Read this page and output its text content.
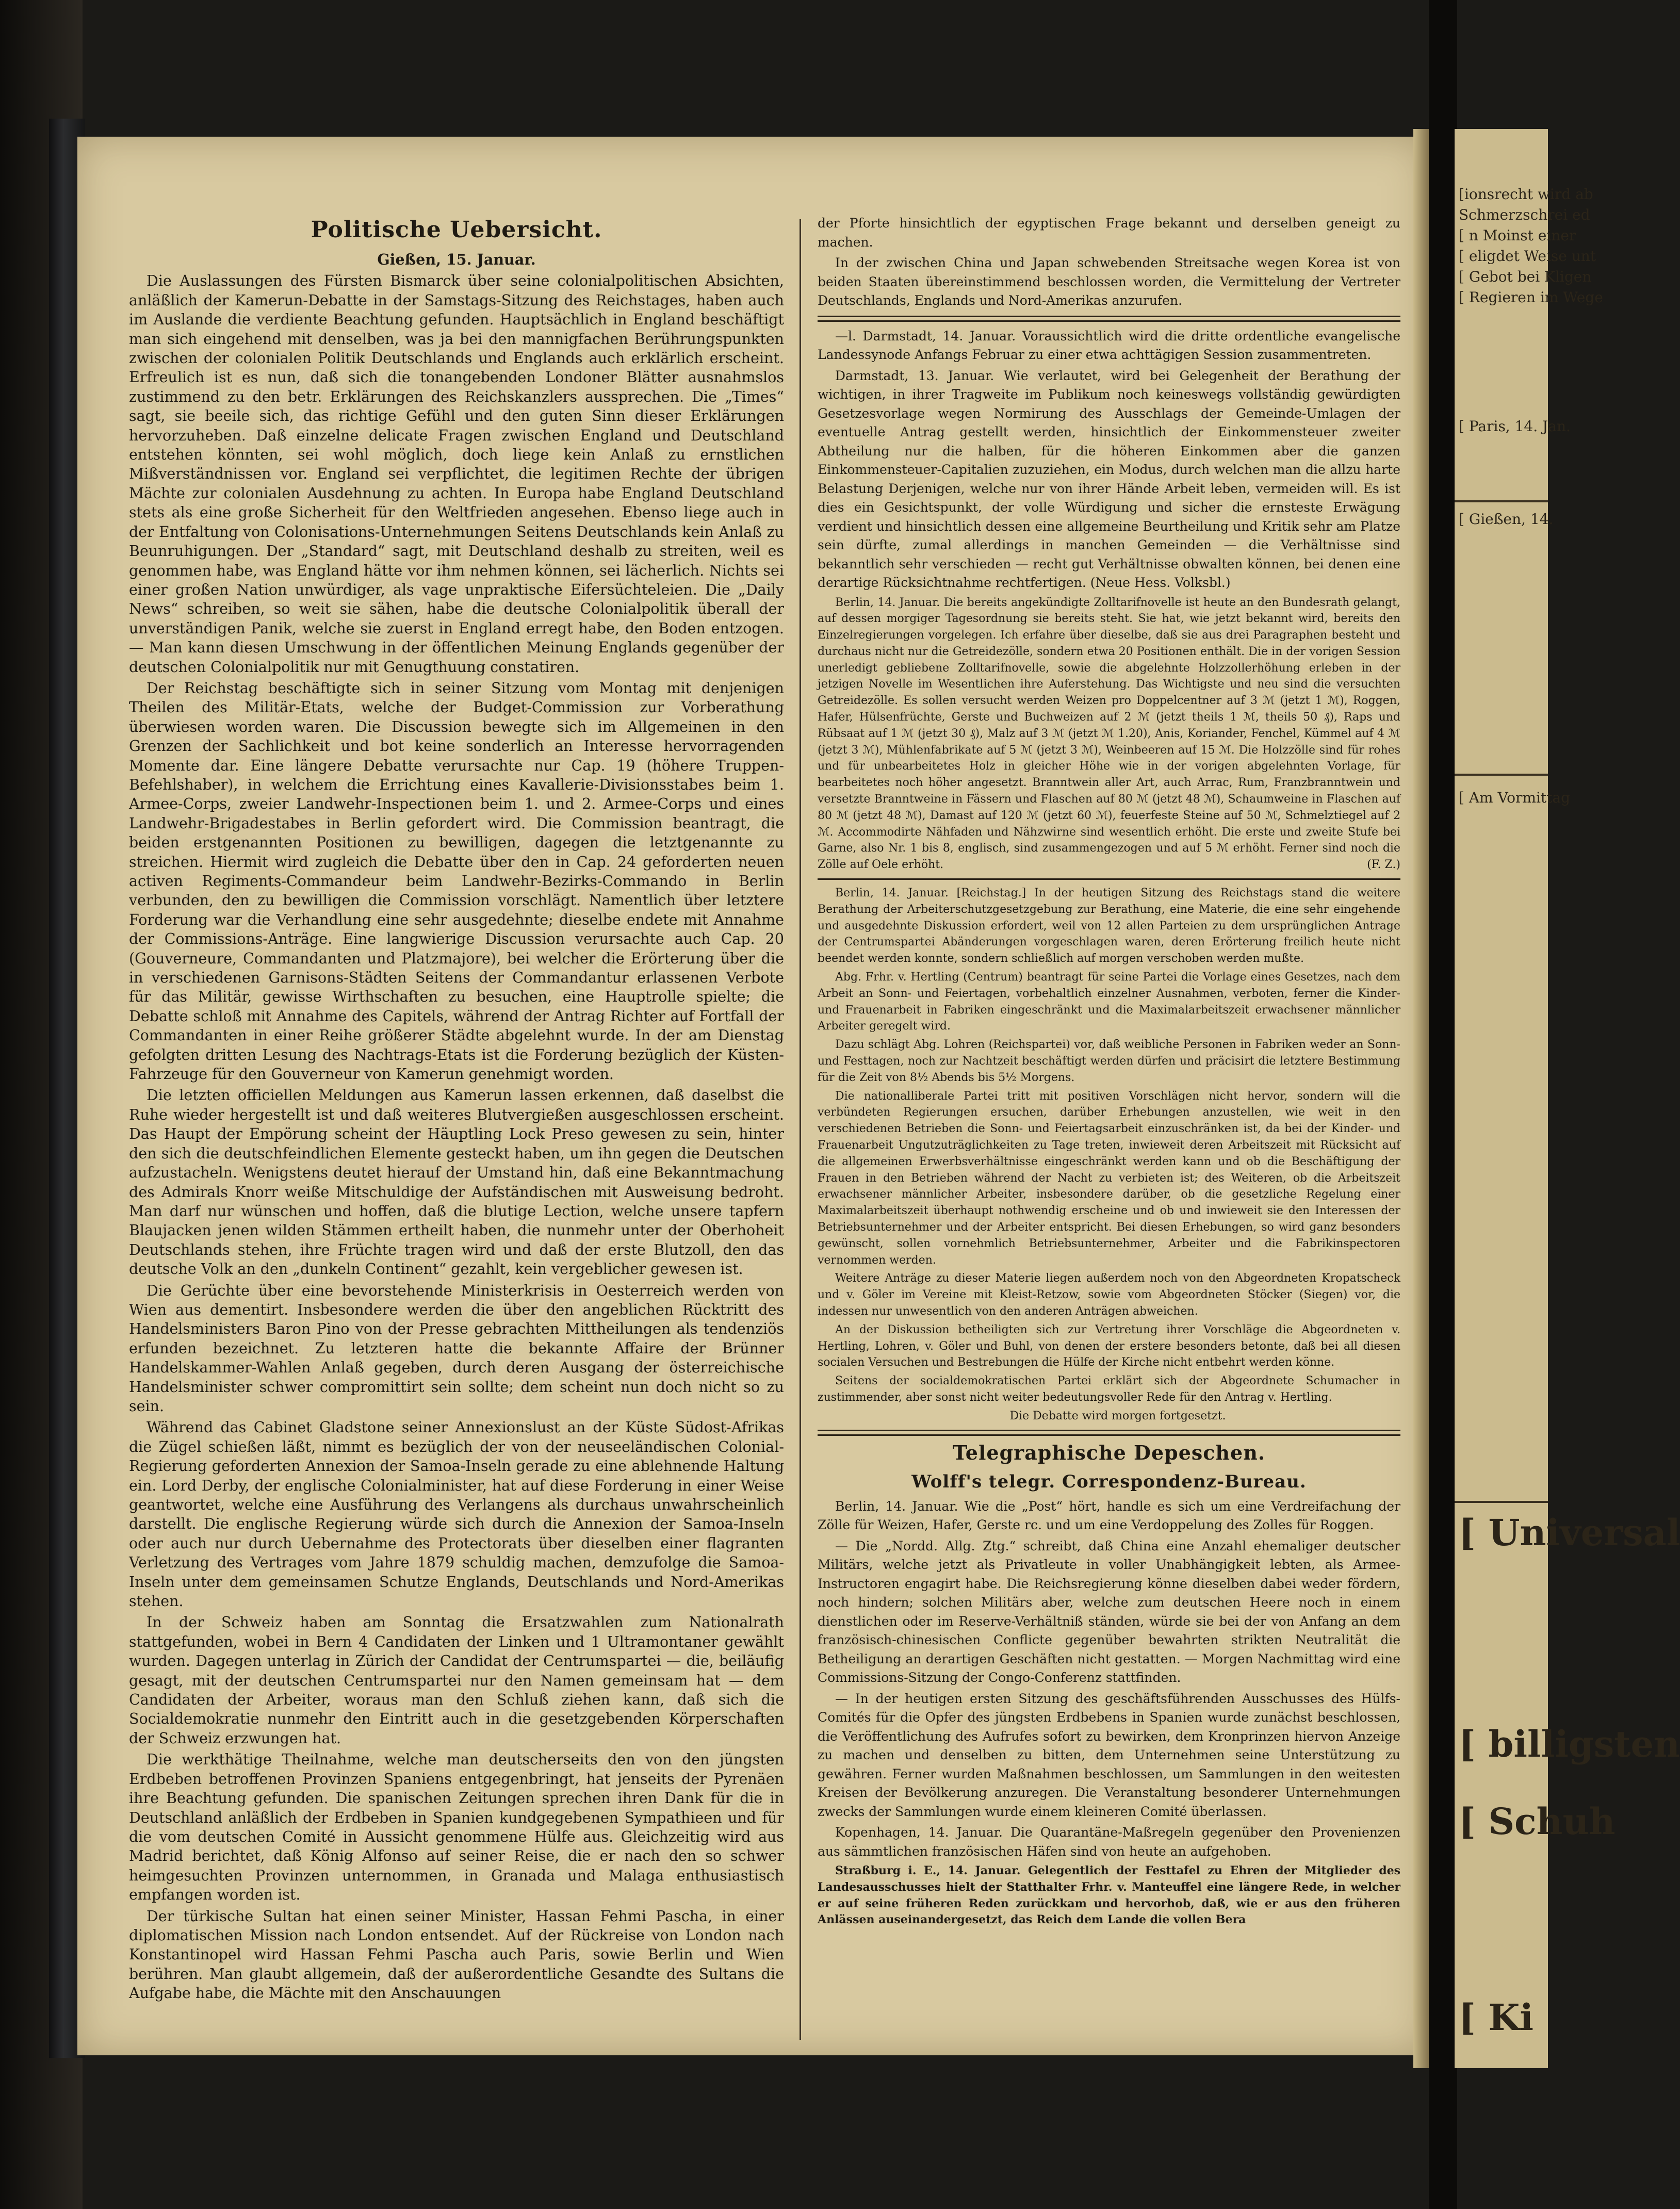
[ionsrecht wird ab
Schmerzschrei ed
[ n Moinst einer
[ eligdet Weise unt
[ Gebot bei Kligen
[ Regieren im Wege
[ Paris, 14. Jan.
[ Gießen, 14.
[ Am Vormittag
[ Universal
[ billigsten
[ Schuh
[ Ki
Politische Uebersicht.

Gießen, 15. Januar.

Die Auslassungen des Fürsten Bismarck über seine colonialpolitischen Absichten, anläßlich der Kamerun-Debatte in der Samstags-Sitzung des Reichstages, haben auch im Auslande die verdiente Beachtung gefunden. Hauptsächlich in England beschäftigt man sich eingehend mit denselben, was ja bei den mannigfachen Berührungspunkten zwischen der colonialen Politik Deutschlands und Englands auch erklärlich erscheint. Erfreulich ist es nun, daß sich die tonangebenden Londoner Blätter ausnahmslos zustimmend zu den betr. Erklärungen des Reichskanzlers aussprechen. Die „Times“ sagt, sie beeile sich, das richtige Gefühl und den guten Sinn dieser Erklärungen hervorzuheben. Daß einzelne delicate Fragen zwischen England und Deutschland entstehen könnten, sei wohl möglich, doch liege kein Anlaß zu ernstlichen Mißverständnissen vor. England sei verpflichtet, die legitimen Rechte der übrigen Mächte zur colonialen Ausdehnung zu achten. In Europa habe England Deutschland stets als eine große Sicherheit für den Weltfrieden angesehen. Ebenso liege auch in der Entfaltung von Colonisations-Unternehmungen Seitens Deutschlands kein Anlaß zu Beunruhigungen. Der „Standard“ sagt, mit Deutschland deshalb zu streiten, weil es genommen habe, was England hätte vor ihm nehmen können, sei lächerlich. Nichts sei einer großen Nation unwürdiger, als vage unpraktische Eifersüchteleien. Die „Daily News“ schreiben, so weit sie sähen, habe die deutsche Colonialpolitik überall der unverständigen Panik, welche sie zuerst in England erregt habe, den Boden entzogen. — Man kann diesen Umschwung in der öffentlichen Meinung Englands gegenüber der deutschen Colonialpolitik nur mit Genugthuung constatiren.

Der Reichstag beschäftigte sich in seiner Sitzung vom Montag mit denjenigen Theilen des Militär-Etats, welche der Budget-Commission zur Vorberathung überwiesen worden waren. Die Discussion bewegte sich im Allgemeinen in den Grenzen der Sachlichkeit und bot keine sonderlich an Interesse hervorragenden Momente dar. Eine längere Debatte verursachte nur Cap. 19 (höhere Truppen-Befehlshaber), in welchem die Errichtung eines Kavallerie-Divisionsstabes beim 1. Armee-Corps, zweier Landwehr-Inspectionen beim 1. und 2. Armee-Corps und eines Landwehr-Brigadestabes in Berlin gefordert wird. Die Commission beantragt, die beiden erstgenannten Positionen zu bewilligen, dagegen die letztgenannte zu streichen. Hiermit wird zugleich die Debatte über den in Cap. 24 geforderten neuen activen Regiments-Commandeur beim Landwehr-Bezirks-Commando in Berlin verbunden, den zu bewilligen die Commission vorschlägt. Namentlich über letztere Forderung war die Verhandlung eine sehr ausgedehnte; dieselbe endete mit Annahme der Commissions-Anträge. Eine langwierige Discussion verursachte auch Cap. 20 (Gouverneure, Commandanten und Platzmajore), bei welcher die Erörterung über die in verschiedenen Garnisons-Städten Seitens der Commandantur erlassenen Verbote für das Militär, gewisse Wirthschaften zu besuchen, eine Hauptrolle spielte; die Debatte schloß mit Annahme des Capitels, während der Antrag Richter auf Fortfall der Commandanten in einer Reihe größerer Städte abgelehnt wurde. In der am Dienstag gefolgten dritten Lesung des Nachtrags-Etats ist die Forderung bezüglich der Küsten-Fahrzeuge für den Gouverneur von Kamerun genehmigt worden.

Die letzten officiellen Meldungen aus Kamerun lassen erkennen, daß daselbst die Ruhe wieder hergestellt ist und daß weiteres Blutvergießen ausgeschlossen erscheint. Das Haupt der Empörung scheint der Häuptling Lock Preso gewesen zu sein, hinter den sich die deutschfeindlichen Elemente gesteckt haben, um ihn gegen die Deutschen aufzustacheln. Wenigstens deutet hierauf der Umstand hin, daß eine Bekanntmachung des Admirals Knorr weiße Mitschuldige der Aufständischen mit Ausweisung bedroht. Man darf nur wünschen und hoffen, daß die blutige Lection, welche unsere tapfern Blaujacken jenen wilden Stämmen ertheilt haben, die nunmehr unter der Oberhoheit Deutschlands stehen, ihre Früchte tragen wird und daß der erste Blutzoll, den das deutsche Volk an den „dunkeln Continent“ gezahlt, kein vergeblicher gewesen ist.

Die Gerüchte über eine bevorstehende Ministerkrisis in Oesterreich werden von Wien aus dementirt. Insbesondere werden die über den angeblichen Rücktritt des Handelsministers Baron Pino von der Presse gebrachten Mittheilungen als tendenziös erfunden bezeichnet. Zu letzteren hatte die bekannte Affaire der Brünner Handelskammer-Wahlen Anlaß gegeben, durch deren Ausgang der österreichische Handelsminister schwer compromittirt sein sollte; dem scheint nun doch nicht so zu sein.

Während das Cabinet Gladstone seiner Annexionslust an der Küste Südost-Afrikas die Zügel schießen läßt, nimmt es bezüglich der von der neuseeländischen Colonial-Regierung geforderten Annexion der Samoa-Inseln gerade zu eine ablehnende Haltung ein. Lord Derby, der englische Colonialminister, hat auf diese Forderung in einer Weise geantwortet, welche eine Ausführung des Verlangens als durchaus unwahrscheinlich darstellt. Die englische Regierung würde sich durch die Annexion der Samoa-Inseln oder auch nur durch Uebernahme des Protectorats über dieselben einer flagranten Verletzung des Vertrages vom Jahre 1879 schuldig machen, demzufolge die Samoa-Inseln unter dem gemeinsamen Schutze Englands, Deutschlands und Nord-Amerikas stehen.

In der Schweiz haben am Sonntag die Ersatzwahlen zum Nationalrath stattgefunden, wobei in Bern 4 Candidaten der Linken und 1 Ultramontaner gewählt wurden. Dagegen unterlag in Zürich der Candidat der Centrumspartei — die, beiläufig gesagt, mit der deutschen Centrumspartei nur den Namen gemeinsam hat — dem Candidaten der Arbeiter, woraus man den Schluß ziehen kann, daß sich die Socialdemokratie nunmehr den Eintritt auch in die gesetzgebenden Körperschaften der Schweiz erzwungen hat.

Die werkthätige Theilnahme, welche man deutscherseits den von den jüngsten Erdbeben betroffenen Provinzen Spaniens entgegenbringt, hat jenseits der Pyrenäen ihre Beachtung gefunden. Die spanischen Zeitungen sprechen ihren Dank für die in Deutschland anläßlich der Erdbeben in Spanien kundgegebenen Sympathieen und für die vom deutschen Comité in Aussicht genommene Hülfe aus. Gleichzeitig wird aus Madrid berichtet, daß König Alfonso auf seiner Reise, die er nach den so schwer heimgesuchten Provinzen unternommen, in Granada und Malaga enthusiastisch empfangen worden ist.

Der türkische Sultan hat einen seiner Minister, Hassan Fehmi Pascha, in einer diplomatischen Mission nach London entsendet. Auf der Rückreise von London nach Konstantinopel wird Hassan Fehmi Pascha auch Paris, sowie Berlin und Wien berühren. Man glaubt allgemein, daß der außerordentliche Gesandte des Sultans die Aufgabe habe, die Mächte mit den Anschauungen

der Pforte hinsichtlich der egyptischen Frage bekannt und derselben geneigt zu machen.

In der zwischen China und Japan schwebenden Streitsache wegen Korea ist von beiden Staaten übereinstimmend beschlossen worden, die Vermittelung der Vertreter Deutschlands, Englands und Nord-Amerikas anzurufen.

—l. Darmstadt, 14. Januar. Voraussichtlich wird die dritte ordentliche evangelische Landessynode Anfangs Februar zu einer etwa achttägigen Session zusammentreten.

Darmstadt, 13. Januar. Wie verlautet, wird bei Gelegenheit der Berathung der wichtigen, in ihrer Tragweite im Publikum noch keineswegs vollständig gewürdigten Gesetzesvorlage wegen Normirung des Ausschlags der Gemeinde-Umlagen der eventuelle Antrag gestellt werden, hinsichtlich der Einkommensteuer zweiter Abtheilung nur die halben, für die höheren Einkommen aber die ganzen Einkommensteuer-Capitalien zuzuziehen, ein Modus, durch welchen man die allzu harte Belastung Derjenigen, welche nur von ihrer Hände Arbeit leben, vermeiden will. Es ist dies ein Gesichtspunkt, der volle Würdigung und sicher die ernsteste Erwägung verdient und hinsichtlich dessen eine allgemeine Beurtheilung und Kritik sehr am Platze sein dürfte, zumal allerdings in manchen Gemeinden — die Verhältnisse sind bekanntlich sehr verschieden — recht gut Verhältnisse obwalten können, bei denen eine derartige Rücksichtnahme rechtfertigen. (Neue Hess. Volksbl.)

Berlin, 14. Januar. Die bereits angekündigte Zolltarifnovelle ist heute an den Bundesrath gelangt, auf dessen morgiger Tagesordnung sie bereits steht. Sie hat, wie jetzt bekannt wird, bereits den Einzelregierungen vorgelegen. Ich erfahre über dieselbe, daß sie aus drei Paragraphen besteht und durchaus nicht nur die Getreidezölle, sondern etwa 20 Positionen enthält. Die in der vorigen Session unerledigt gebliebene Zolltarifnovelle, sowie die abgelehnte Holzzollerhöhung erleben in der jetzigen Novelle im Wesentlichen ihre Auferstehung. Das Wichtigste und neu sind die versuchten Getreidezölle. Es sollen versucht werden Weizen pro Doppelcentner auf 3 ℳ (jetzt 1 ℳ), Roggen, Hafer, Hülsenfrüchte, Gerste und Buchweizen auf 2 ℳ (jetzt theils 1 ℳ, theils 50 ₰), Raps und Rübsaat auf 1 ℳ (jetzt 30 ₰), Malz auf 3 ℳ (jetzt ℳ 1.20), Anis, Koriander, Fenchel, Kümmel auf 4 ℳ (jetzt 3 ℳ), Mühlenfabrikate auf 5 ℳ (jetzt 3 ℳ), Weinbeeren auf 15 ℳ. Die Holzzölle sind für rohes und für unbearbeitetes Holz in gleicher Höhe wie in der vorigen abgelehnten Vorlage, für bearbeitetes noch höher angesetzt. Branntwein aller Art, auch Arrac, Rum, Franzbranntwein und versetzte Branntweine in Fässern und Flaschen auf 80 ℳ (jetzt 48 ℳ), Schaumweine in Flaschen auf 80 ℳ (jetzt 48 ℳ), Damast auf 120 ℳ (jetzt 60 ℳ), feuerfeste Steine auf 50 ℳ, Schmelztiegel auf 2 ℳ. Accommodirte Nähfaden und Nähzwirne sind wesentlich erhöht. Die erste und zweite Stufe bei Garne, also Nr. 1 bis 8, englisch, sind zusammengezogen und auf 5 ℳ erhöht. Ferner sind noch die Zölle auf Oele erhöht.	(F. Z.)

Berlin, 14. Januar. [Reichstag.] In der heutigen Sitzung des Reichstags stand die weitere Berathung der Arbeiterschutzgesetzgebung zur Berathung, eine Materie, die eine sehr eingehende und ausgedehnte Diskussion erfordert, weil von 12 allen Parteien zu dem ursprünglichen Antrage der Centrumspartei Abänderungen vorgeschlagen waren, deren Erörterung freilich heute nicht beendet werden konnte, sondern schließlich auf morgen verschoben werden mußte.

Abg. Frhr. v. Hertling (Centrum) beantragt für seine Partei die Vorlage eines Gesetzes, nach dem Arbeit an Sonn- und Feiertagen, vorbehaltlich einzelner Ausnahmen, verboten, ferner die Kinder- und Frauenarbeit in Fabriken eingeschränkt und die Maximalarbeitszeit erwachsener männlicher Arbeiter geregelt wird.

Dazu schlägt Abg. Lohren (Reichspartei) vor, daß weibliche Personen in Fabriken weder an Sonn- und Festtagen, noch zur Nachtzeit beschäftigt werden dürfen und präcisirt die letztere Bestimmung für die Zeit von 8½ Abends bis 5½ Morgens.

Die nationalliberale Partei tritt mit positiven Vorschlägen nicht hervor, sondern will die verbündeten Regierungen ersuchen, darüber Erhebungen anzustellen, wie weit in den verschiedenen Betrieben die Sonn- und Feiertagsarbeit einzuschränken ist, da bei der Kinder- und Frauenarbeit Ungutzuträglichkeiten zu Tage treten, inwieweit deren Arbeitszeit mit Rücksicht auf die allgemeinen Erwerbsverhältnisse eingeschränkt werden kann und ob die Beschäftigung der Frauen in den Betrieben während der Nacht zu verbieten ist; des Weiteren, ob die Arbeitszeit erwachsener männlicher Arbeiter, insbesondere darüber, ob die gesetzliche Regelung einer Maximalarbeitszeit überhaupt nothwendig erscheine und ob und inwieweit sie den Interessen der Betriebsunternehmer und der Arbeiter entspricht. Bei diesen Erhebungen, so wird ganz besonders gewünscht, sollen vornehmlich Betriebsunternehmer, Arbeiter und die Fabrikinspectoren vernommen werden.

Weitere Anträge zu dieser Materie liegen außerdem noch von den Abgeordneten Kropatscheck und v. Göler im Vereine mit Kleist-Retzow, sowie vom Abgeordneten Stöcker (Siegen) vor, die indessen nur unwesentlich von den anderen Anträgen abweichen.

An der Diskussion betheiligten sich zur Vertretung ihrer Vorschläge die Abgeordneten v. Hertling, Lohren, v. Göler und Buhl, von denen der erstere besonders betonte, daß bei all diesen socialen Versuchen und Bestrebungen die Hülfe der Kirche nicht entbehrt werden könne.

Seitens der socialdemokratischen Partei erklärt sich der Abgeordnete Schumacher in zustimmender, aber sonst nicht weiter bedeutungsvoller Rede für den Antrag v. Hertling.

Die Debatte wird morgen fortgesetzt.

Telegraphische Depeschen.
Wolff's telegr. Correspondenz-Bureau.

Berlin, 14. Januar. Wie die „Post“ hört, handle es sich um eine Verdreifachung der Zölle für Weizen, Hafer, Gerste rc. und um eine Verdoppelung des Zolles für Roggen.

— Die „Nordd. Allg. Ztg.“ schreibt, daß China eine Anzahl ehemaliger deutscher Militärs, welche jetzt als Privatleute in voller Unabhängigkeit lebten, als Armee-Instructoren engagirt habe. Die Reichsregierung könne dieselben dabei weder fördern, noch hindern; solchen Militärs aber, welche zum deutschen Heere noch in einem dienstlichen oder im Reserve-Verhältniß ständen, würde sie bei der von Anfang an dem französisch-chinesischen Conflicte gegenüber bewahrten strikten Neutralität die Betheiligung an derartigen Geschäften nicht gestatten. — Morgen Nachmittag wird eine Commissions-Sitzung der Congo-Conferenz stattfinden.

— In der heutigen ersten Sitzung des geschäftsführenden Ausschusses des Hülfs-Comités für die Opfer des jüngsten Erdbebens in Spanien wurde zunächst beschlossen, die Veröffentlichung des Aufrufes sofort zu bewirken, dem Kronprinzen hiervon Anzeige zu machen und denselben zu bitten, dem Unternehmen seine Unterstützung zu gewähren. Ferner wurden Maßnahmen beschlossen, um Sammlungen in den weitesten Kreisen der Bevölkerung anzuregen. Die Veranstaltung besonderer Unternehmungen zwecks der Sammlungen wurde einem kleineren Comité überlassen.

Kopenhagen, 14. Januar. Die Quarantäne-Maßregeln gegenüber den Provenienzen aus sämmtlichen französischen Häfen sind von heute an aufgehoben.

Straßburg i. E., 14. Januar. Gelegentlich der Festtafel zu Ehren der Mitglieder des Landesausschusses hielt der Statthalter Frhr. v. Manteuffel eine längere Rede, in welcher er auf seine früheren Reden zurückkam und hervorhob, daß, wie er aus den früheren Anlässen auseinandergesetzt, das Reich dem Lande die vollen Bera
